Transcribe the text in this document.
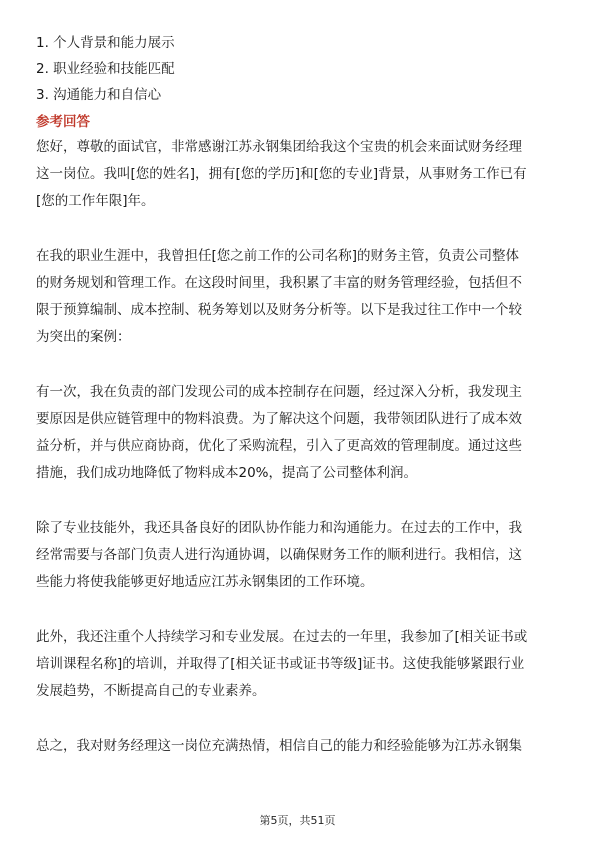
1. 个人背景和能力展示
2. 职业经验和技能匹配
3. 沟通能力和自信心
参考回答
您好，尊敬的面试官，非常感谢江苏永钢集团给我这个宝贵的机会来面试财务经理
这一岗位。我叫[您的姓名]，拥有[您的学历]和[您的专业]背景，从事财务工作已有
[您的工作年限]年。
在我的职业生涯中，我曾担任[您之前工作的公司名称]的财务主管，负责公司整体
的财务规划和管理工作。在这段时间里，我积累了丰富的财务管理经验，包括但不
限于预算编制、成本控制、税务筹划以及财务分析等。以下是我过往工作中一个较
为突出的案例：
有一次，我在负责的部门发现公司的成本控制存在问题，经过深入分析，我发现主
要原因是供应链管理中的物料浪费。为了解决这个问题，我带领团队进行了成本效
益分析，并与供应商协商，优化了采购流程，引入了更高效的管理制度。通过这些
措施，我们成功地降低了物料成本20%，提高了公司整体利润。
除了专业技能外，我还具备良好的团队协作能力和沟通能力。在过去的工作中，我
经常需要与各部门负责人进行沟通协调，以确保财务工作的顺利进行。我相信，这
些能力将使我能够更好地适应江苏永钢集团的工作环境。
此外，我还注重个人持续学习和专业发展。在过去的一年里，我参加了[相关证书或
培训课程名称]的培训，并取得了[相关证书或证书等级]证书。这使我能够紧跟行业
发展趋势，不断提高自己的专业素养。
总之，我对财务经理这一岗位充满热情，相信自己的能力和经验能够为江苏永钢集
第5页，共51页
